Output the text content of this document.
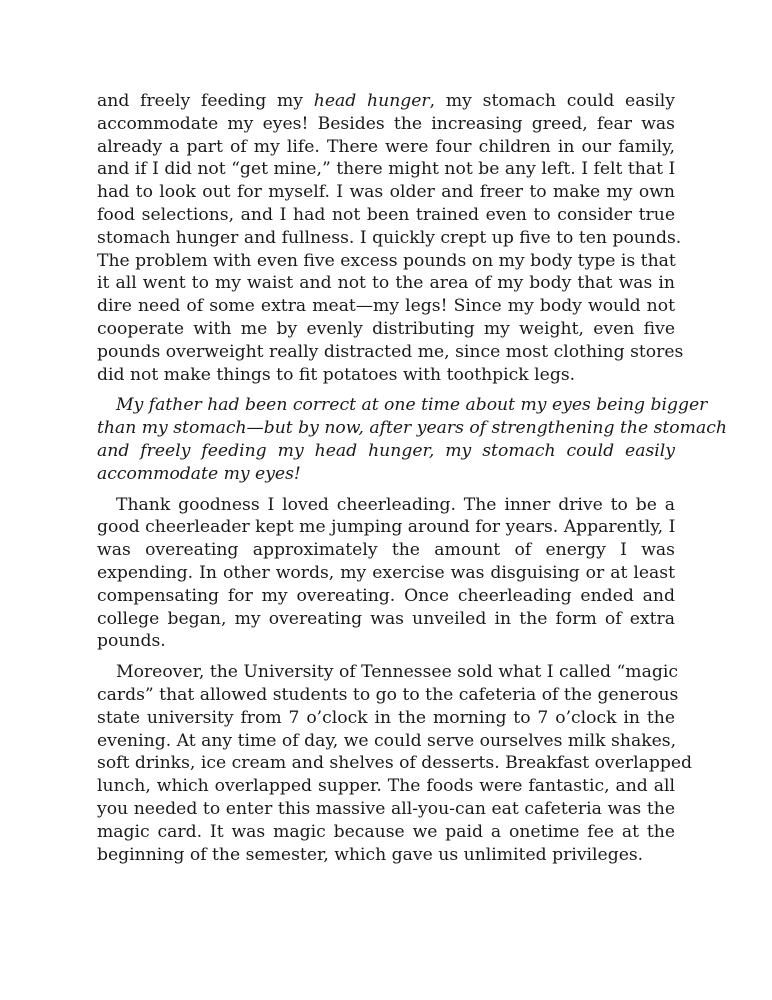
and freely feeding my head hunger, my stomach could easily
accommodate my eyes! Besides the increasing greed, fear was
already a part of my life. There were four children in our family,
and if I did not “get mine,” there might not be any left. I felt that I
had to look out for myself. I was older and freer to make my own
food selections, and I had not been trained even to consider true
stomach hunger and fullness. I quickly crept up five to ten pounds.
The problem with even five excess pounds on my body type is that
it all went to my waist and not to the area of my body that was in
dire need of some extra meat—my legs! Since my body would not
cooperate with me by evenly distributing my weight, even five
pounds overweight really distracted me, since most clothing stores
did not make things to fit potatoes with toothpick legs.
My father had been correct at one time about my eyes being bigger
than my stomach—but by now, after years of strengthening the stomach
and freely feeding my head hunger, my stomach could easily
accommodate my eyes!
Thank goodness I loved cheerleading. The inner drive to be a
good cheerleader kept me jumping around for years. Apparently, I
was overeating approximately the amount of energy I was
expending. In other words, my exercise was disguising or at least
compensating for my overeating. Once cheerleading ended and
college began, my overeating was unveiled in the form of extra
pounds.
Moreover, the University of Tennessee sold what I called “magic
cards” that allowed students to go to the cafeteria of the generous
state university from 7 o’clock in the morning to 7 o’clock in the
evening. At any time of day, we could serve ourselves milk shakes,
soft drinks, ice cream and shelves of desserts. Breakfast overlapped
lunch, which overlapped supper. The foods were fantastic, and all
you needed to enter this massive all-you-can eat cafeteria was the
magic card. It was magic because we paid a onetime fee at the
beginning of the semester, which gave us unlimited privileges.
